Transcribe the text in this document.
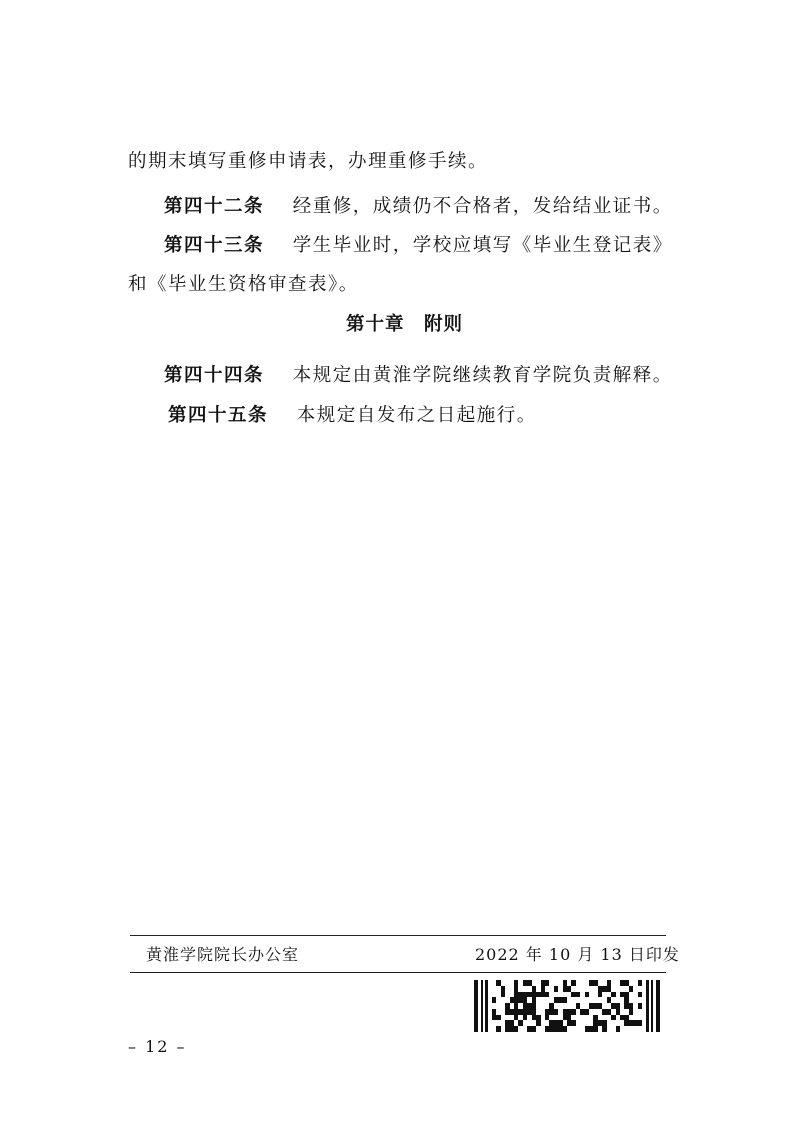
的期末填写重修申请表，办理重修手续。
第四十二条 经重修，成绩仍不合格者，发给结业证书。
第四十三条 学生毕业时，学校应填写《毕业生登记表》
和《毕业生资格审查表》。
第十章　附则
第四十四条 本规定由黄淮学院继续教育学院负责解释。
第四十五条 本规定自发布之日起施行。
黄淮学院院长办公室	2022 年 10 月 13 日印发
– 12 –
